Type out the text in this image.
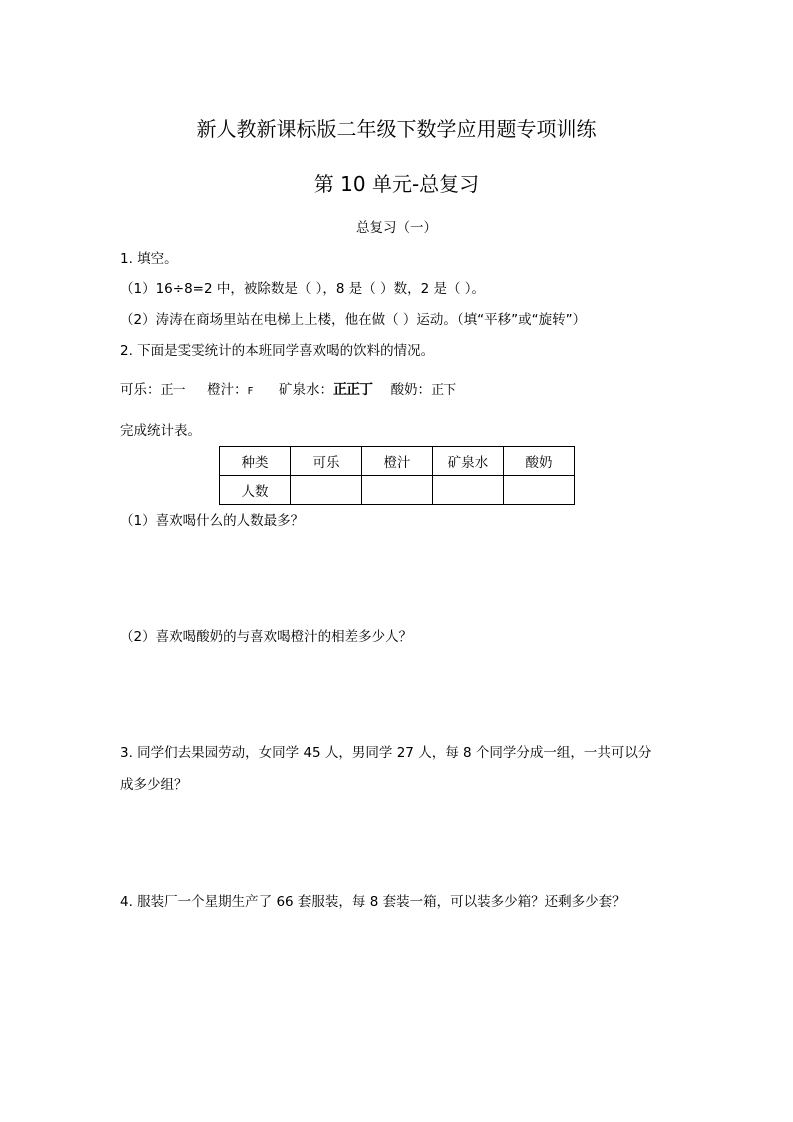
新人教新课标版二年级下数学应用题专项训练
第 10 单元-总复习
总复习（一）
1. 填空。
（1）16÷8=2 中，被除数是（ ），8 是（ ）数，2 是（ ）。
（2）涛涛在商场里站在电梯上上楼，他在做（ ）运动。（填“平移”或“旋转”）
2. 下面是雯雯统计的本班同学喜欢喝的饮料的情况。
可乐：正一 橙汁：F 矿泉水：正正丁 酸奶：正下
完成统计表。
种类	可乐	橙汁	矿泉水	酸奶
人数				
（1）喜欢喝什么的人数最多？
（2）喜欢喝酸奶的与喜欢喝橙汁的相差多少人？
3. 同学们去果园劳动，女同学 45 人，男同学 27 人，每 8 个同学分成一组，一共可以分
成多少组？
4. 服装厂一个星期生产了 66 套服装，每 8 套装一箱，可以装多少箱？还剩多少套？
